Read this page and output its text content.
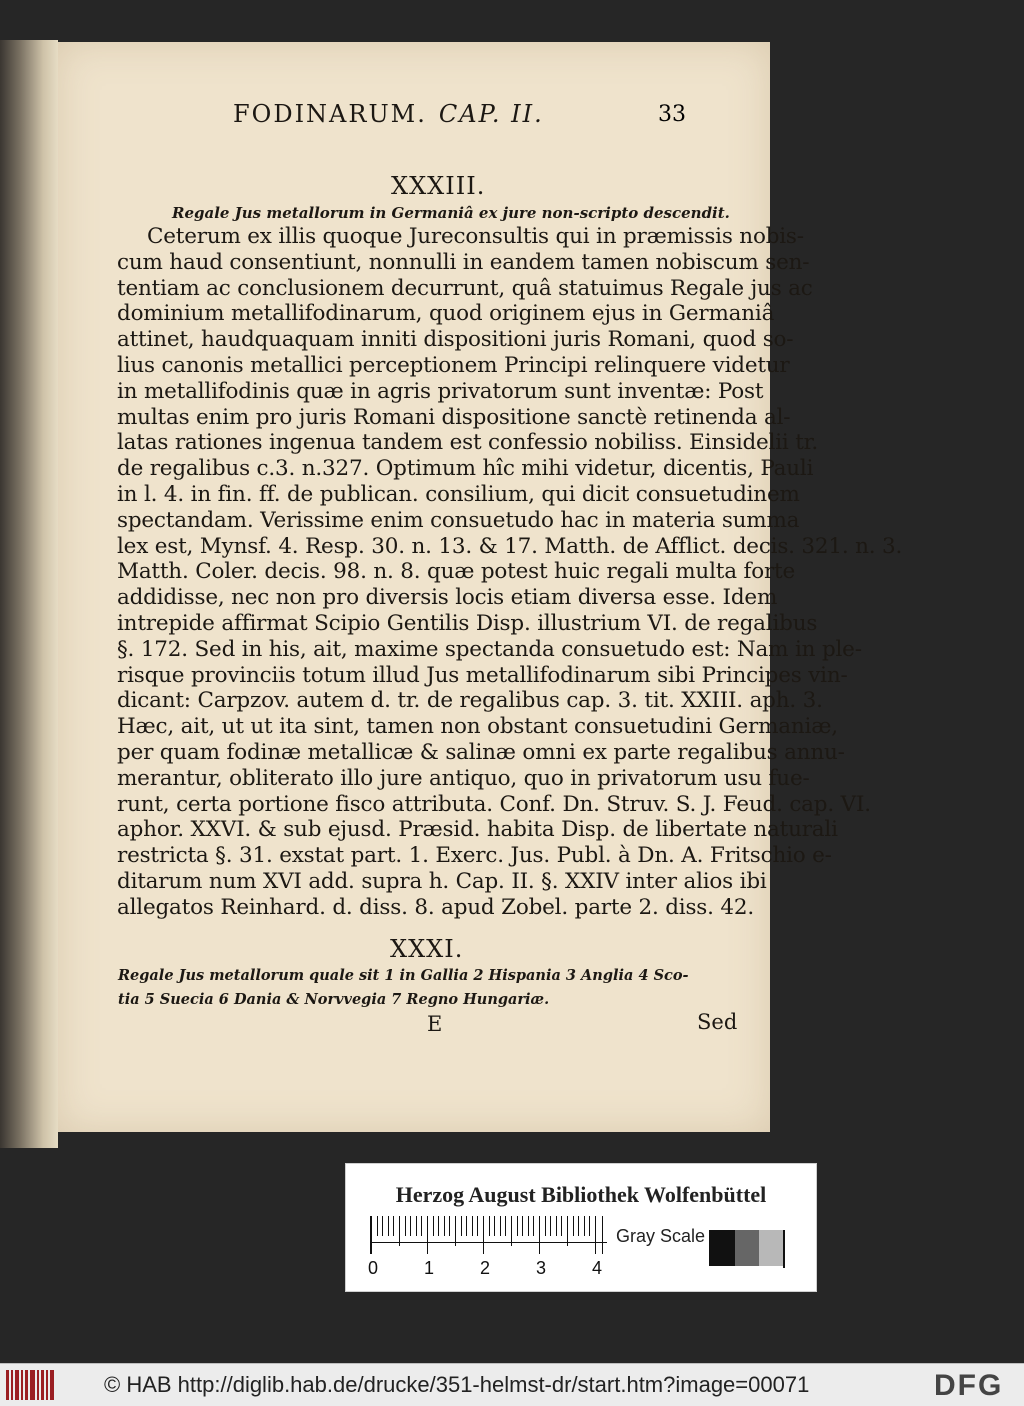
FODINARUM. CAP. II.	33
XXXIII.
Regale Jus metallorum in Germaniâ ex jure non-scripto descendit.
Ceterum ex illis quoque Jureconsultis qui in præmissis nobis-
cum haud consentiunt, nonnulli in eandem tamen nobiscum sen-
tentiam ac conclusionem decurrunt, quâ statuimus Regale jus ac
dominium metallifodinarum, quod originem ejus in Germaniâ
attinet, haudquaquam inniti dispositioni juris Romani, quod so-
lius canonis metallici perceptionem Principi relinquere videtur
in metallifodinis quæ in agris privatorum sunt inventæ: Post
multas enim pro juris Romani dispositione sanctè retinenda al-
latas rationes ingenua tandem est confessio nobiliss. Einsidelii tr.
de regalibus c.3. n.327. Optimum hîc mihi videtur, dicentis, Pauli
in l. 4. in fin. ff. de publican. consilium, qui dicit consuetudinem
spectandam. Verissime enim consuetudo hac in materia summa
lex est, Mynsf. 4. Resp. 30. n. 13. & 17. Matth. de Afflict. decis. 321. n. 3.
Matth. Coler. decis. 98. n. 8. quæ potest huic regali multa forte
addidisse, nec non pro diversis locis etiam diversa esse. Idem
intrepide affirmat Scipio Gentilis Disp. illustrium VI. de regalibus
§. 172. Sed in his, ait, maxime spectanda consuetudo est: Nam in ple-
risque provinciis totum illud Jus metallifodinarum sibi Principes vin-
dicant: Carpzov. autem d. tr. de regalibus cap. 3. tit. XXIII. aph. 3.
Hæc, ait, ut ut ita sint, tamen non obstant consuetudini Germaniæ,
per quam fodinæ metallicæ & salinæ omni ex parte regalibus annu-
merantur, obliterato illo jure antiquo, quo in privatorum usu fue-
runt, certa portione fisco attributa. Conf. Dn. Struv. S. J. Feud. cap. VI.
aphor. XXVI. & sub ejusd. Præsid. habita Disp. de libertate naturali
restricta §. 31. exstat part. 1. Exerc. Jus. Publ. à Dn. A. Fritschio e-
ditarum num XVI add. supra h. Cap. II. §. XXIV inter alios ibi
allegatos Reinhard. d. diss. 8. apud Zobel. parte 2. diss. 42.
XXXI.
Regale Jus metallorum quale sit 1 in Gallia 2 Hispania 3 Anglia 4 Sco-
tia 5 Suecia 6 Dania & Norvvegia 7 Regno Hungariæ.
E	Sed
Herzog August Bibliothek Wolfenbüttel
0	1	2	3	4
Gray Scale
© HAB http://diglib.hab.de/drucke/351-helmst-dr/start.htm?image=00071	DFG
